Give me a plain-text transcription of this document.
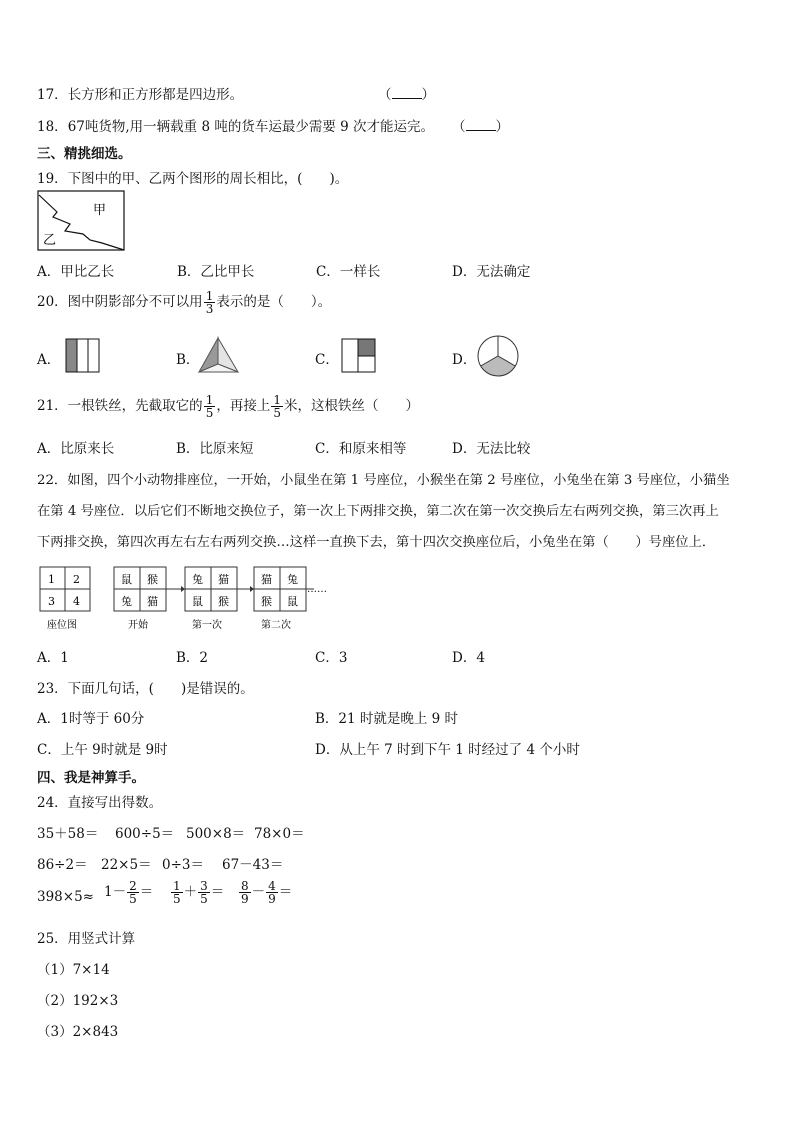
17．长方形和正方形都是四边形。	（ ）
18．67吨货物,用一辆载重 8 吨的货车运最少需要 9 次才能运完。 （ ）
三、精挑细选。
19．下图中的甲、乙两个图形的周长相比，(　　)。
甲
乙
A．甲比乙长	B．乙比甲长	C．一样长	D．无法确定
20．图中阴影部分不可以用 $\frac{1}{3}$ 表示的是（　　）。
A．	B．	C．	D．
21．一根铁丝，先截取它的 $\frac{1}{5}$ ，再接上 $\frac{1}{5}$ 米，这根铁丝（　　）
A．比原来长	B．比原来短	C．和原来相等	D．无法比较
22．如图，四个小动物排座位，一开始，小鼠坐在第 1 号座位，小猴坐在第 2 号座位，小兔坐在第 3 号座位，小猫坐
在第 4 号座位．以后它们不断地交换位子，第一次上下两排交换，第二次在第一次交换后左右两列交换，第三次再上
下两排交换，第四次再左右左右两列交换…这样一直换下去，第十四次交换座位后，小兔坐在第（　　）号座位上．
1 2
3 4
座位图
鼠 猴
兔 猫
开始
兔 猫
鼠 猴
第一次
猫 兔
猴 鼠
第二次
……
A．1	B．2	C．3	D．4
23．下面几句话，(　　)是错误的。
A．1时等于 60分	B．21 时就是晚上 9 时
C．上午 9时就是 9时	D．从上午 7 时到下午 1 时经过了 4 个小时
四、我是神算手。
24．直接写出得数。
35＋58＝ 600÷5＝ 500×8＝ 78×0＝
86÷2＝ 22×5＝ 0÷3＝ 67－43＝
$398\times 5\approx 1- \frac{2}{5} = \frac{1}{5} + \frac{3}{5} = \frac{8}{9} - \frac{4}{9}$ ＝
25．用竖式计算
（1）7×14
（2）192×3
（3）2×843
